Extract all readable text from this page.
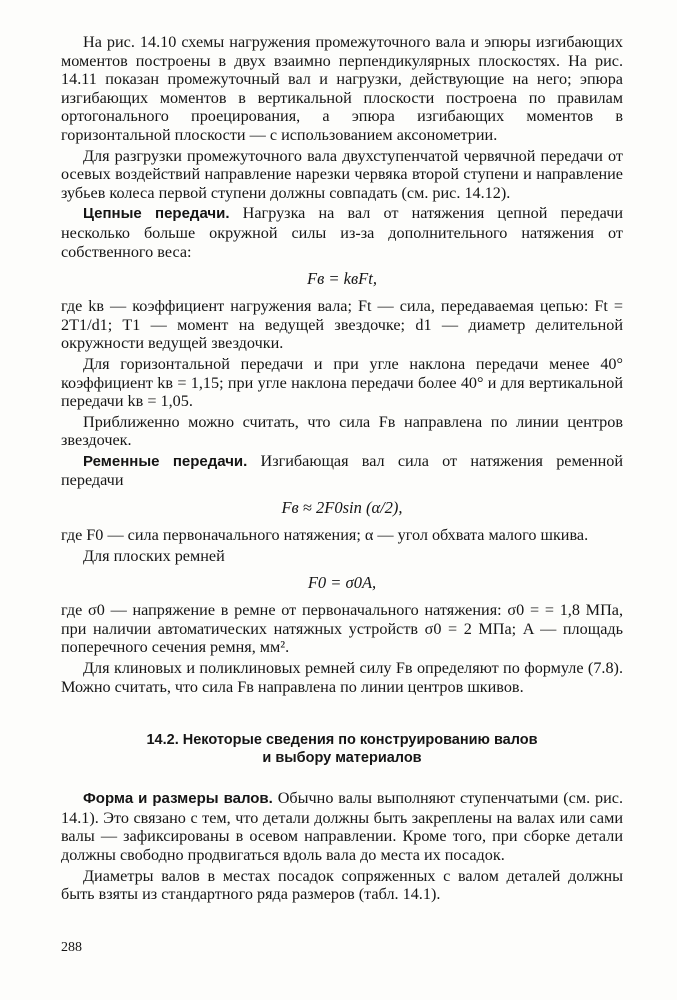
На рис. 14.10 схемы нагружения промежуточного вала и эпюры изгибающих моментов построены в двух взаимно перпендикулярных плоскостях. На рис. 14.11 показан промежуточный вал и нагрузки, действующие на него; эпюра изгибающих моментов в вертикальной плоскости построена по правилам ортогонального проецирования, а эпюра изгибающих моментов в горизонтальной плоскости — с использованием аксонометрии.

Для разгрузки промежуточного вала двухступенчатой червячной передачи от осевых воздействий направление нарезки червяка второй ступени и направление зубьев колеса первой ступени должны совпадать (см. рис. 14.12).

Цепные передачи. Нагрузка на вал от натяжения цепной передачи несколько больше окружной силы из-за дополнительного натяжения от собственного веса:

Fв = kвFt,

где kв — коэффициент нагружения вала; Ft — сила, передаваемая цепью: Ft = 2T1/d1; T1 — момент на ведущей звездочке; d1 — диаметр делительной окружности ведущей звездочки.

Для горизонтальной передачи и при угле наклона передачи менее 40° коэффициент kв = 1,15; при угле наклона передачи более 40° и для вертикальной передачи kв = 1,05.

Приближенно можно считать, что сила Fв направлена по линии центров звездочек.

Ременные передачи. Изгибающая вал сила от натяжения ременной передачи

Fв ≈ 2F0sin (α/2),

где F0 — сила первоначального натяжения; α — угол обхвата малого шкива.

Для плоских ремней

F0 = σ0A,

где σ0 — напряжение в ремне от первоначального натяжения: σ0 = = 1,8 МПа, при наличии автоматических натяжных устройств σ0 = 2 МПа; A — площадь поперечного сечения ремня, мм².

Для клиновых и поликлиновых ремней силу Fв определяют по формуле (7.8). Можно считать, что сила Fв направлена по линии центров шкивов.

14.2. Некоторые сведения по конструированию валов
и выбору материалов

Форма и размеры валов. Обычно валы выполняют ступенчатыми (см. рис. 14.1). Это связано с тем, что детали должны быть закреплены на валах или сами валы — зафиксированы в осевом направлении. Кроме того, при сборке детали должны свободно продвигаться вдоль вала до места их посадок.

Диаметры валов в местах посадок сопряженных с валом деталей должны быть взяты из стандартного ряда размеров (табл. 14.1).

288
